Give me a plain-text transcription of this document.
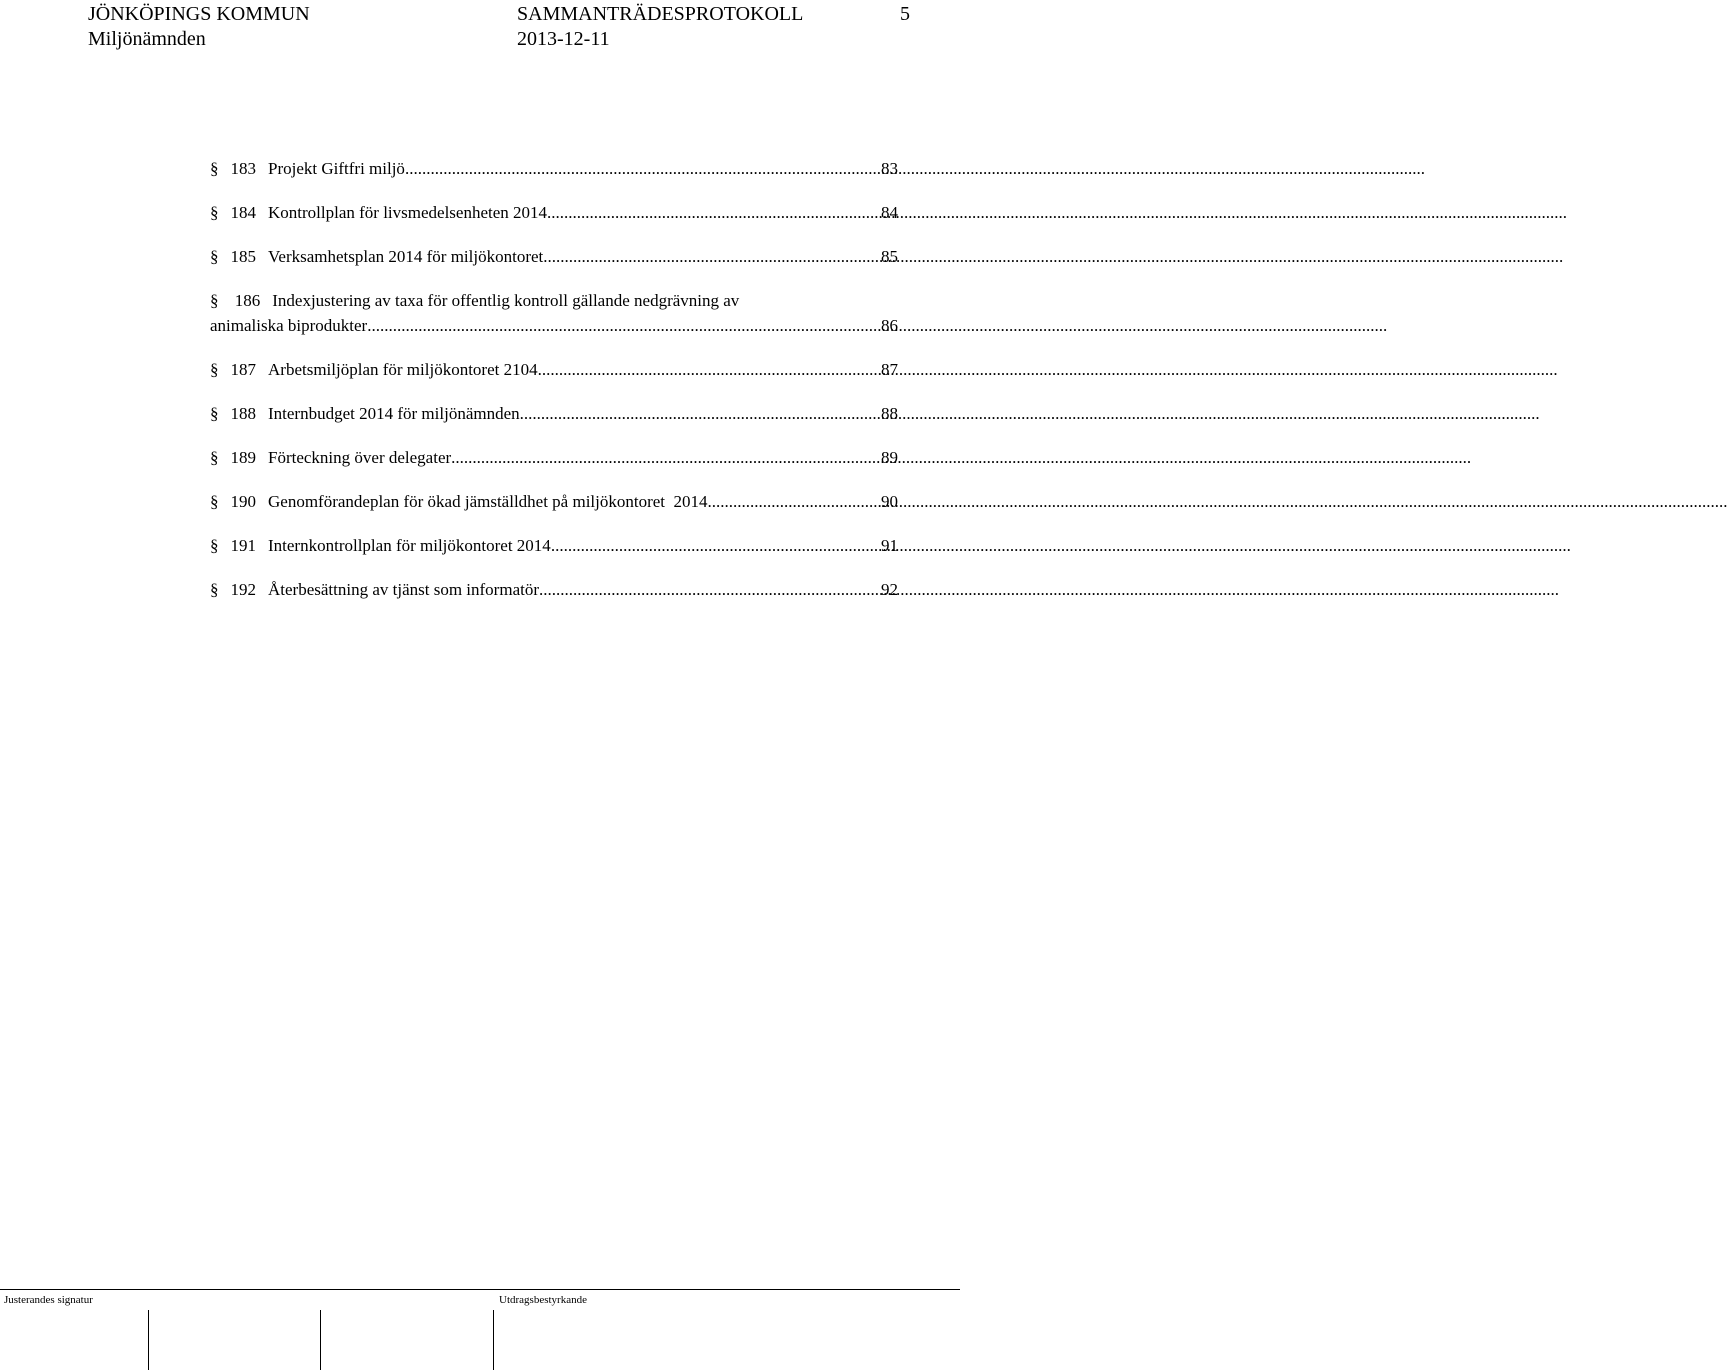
JÖNKÖPINGS KOMMUN	SAMMANTRÄDESPROTOKOLL	5
Miljönämnden	2013-12-11
§ 183 Projekt Giftfri miljö .....	83
§ 184 Kontrollplan för livsmedelsenheten 2014 .....	84
§ 185 Verksamhetsplan 2014 för miljökontoret .....	85
§ 186 Indexjustering av taxa för offentlig kontroll gällande nedgrävning av
animaliska biprodukter .....	86
§ 187 Arbetsmiljöplan för miljökontoret 2104 .....	87
§ 188 Internbudget 2014 för miljönämnden .....	88
§ 189 Förteckning över delegater .....	89
§ 190 Genomförandeplan för ökad jämställdhet på miljökontoret  2014 .....	90
§ 191 Internkontrollplan för miljökontoret 2014 .....	91
§ 192 Återbesättning av tjänst som informatör .....	92
Justerandes signatur	Utdragsbestyrkande
